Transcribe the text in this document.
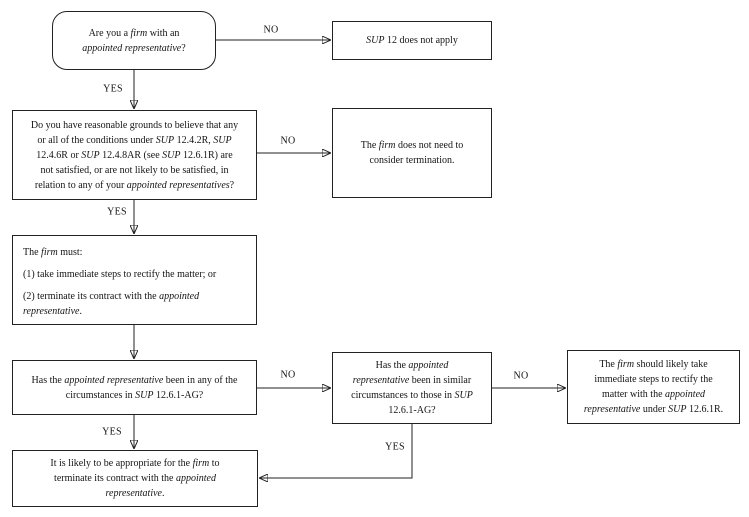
Are you a firm with an
appointed representative?
SUP 12 does not apply
Do you have reasonable grounds to believe that any
or all of the conditions under SUP 12.4.2R, SUP
12.4.6R or SUP 12.4.8AR (see SUP 12.6.1R) are
not satisfied, or are not likely to be satisfied, in
relation to any of your appointed representatives?
The firm does not need to
consider termination.
The firm must:
(1) take immediate steps to rectify the matter; or
(2) terminate its contract with the appointed representative.
Has the appointed representative been in any of the
circumstances in SUP 12.6.1-AG?
Has the appointed
representative been in similar
circumstances to those in SUP
12.6.1-AG?
The firm should likely take
immediate steps to rectify the
matter with the appointed
representative under SUP 12.6.1R.
It is likely to be appropriate for the firm to
terminate its contract with the appointed
representative.
NO
YES
NO
YES
NO	NO
YES
YES
